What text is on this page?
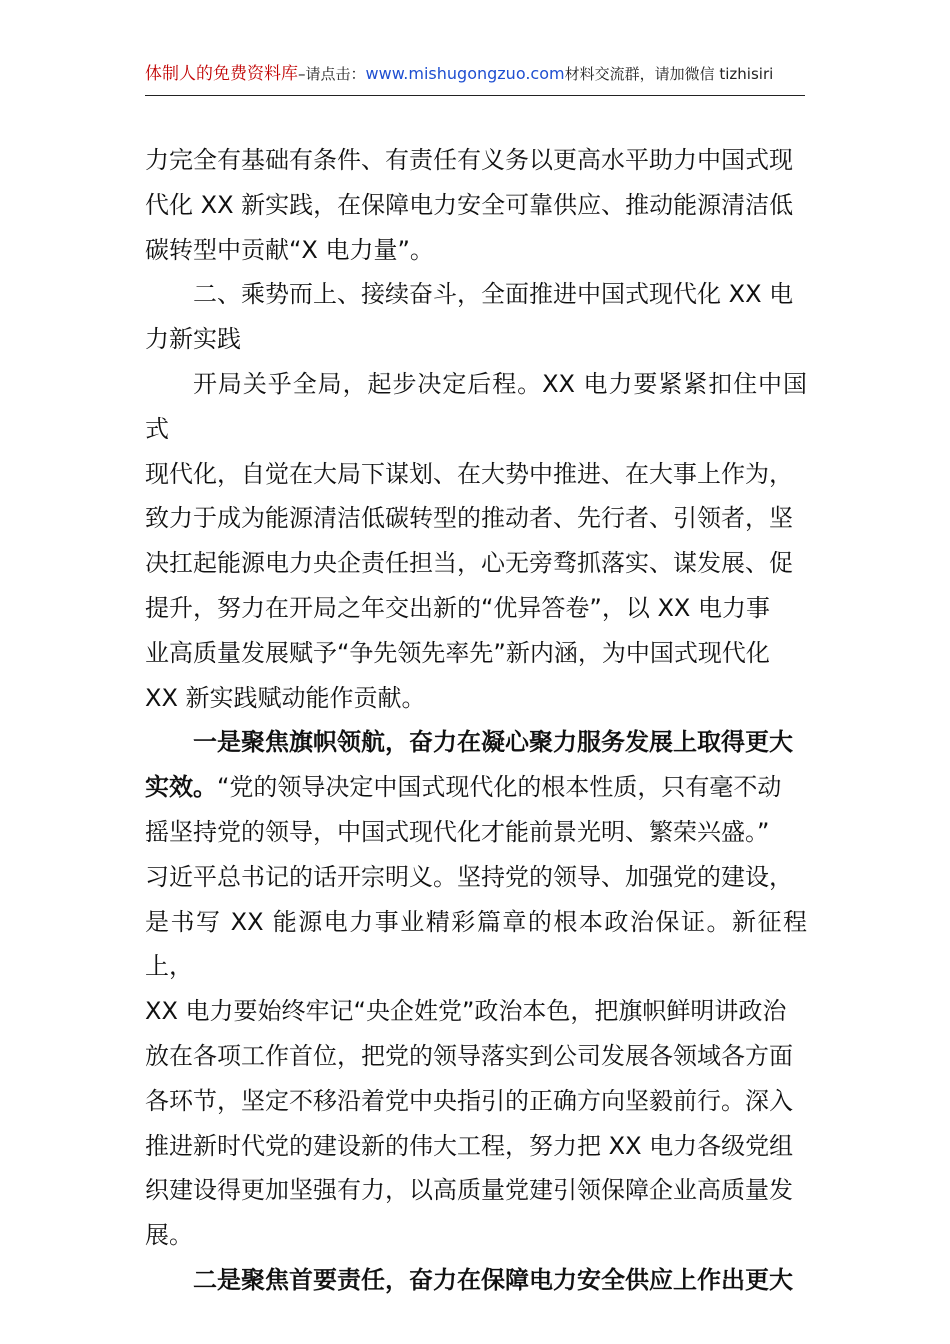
体制人的免费资料库–请点击：www.mishugongzuo.com材料交流群，请加微信 tizhisiri

力完全有基础有条件、有责任有义务以更高水平助力中国式现
代化 XX 新实践，在保障电力安全可靠供应、推动能源清洁低
碳转型中贡献“X 电力量”。

二、乘势而上、接续奋斗，全面推进中国式现代化 XX 电
力新实践

开局关乎全局，起步决定后程。XX 电力要紧紧扣住中国式
现代化，自觉在大局下谋划、在大势中推进、在大事上作为，
致力于成为能源清洁低碳转型的推动者、先行者、引领者，坚
决扛起能源电力央企责任担当，心无旁骛抓落实、谋发展、促
提升，努力在开局之年交出新的“优异答卷”，以 XX 电力事
业高质量发展赋予“争先领先率先”新内涵，为中国式现代化
XX 新实践赋动能作贡献。

一是聚焦旗帜领航，奋力在凝心聚力服务发展上取得更大
实效。“党的领导决定中国式现代化的根本性质，只有毫不动
摇坚持党的领导，中国式现代化才能前景光明、繁荣兴盛。”
习近平总书记的话开宗明义。坚持党的领导、加强党的建设，
是书写 XX 能源电力事业精彩篇章的根本政治保证。新征程上，
XX 电力要始终牢记“央企姓党”政治本色，把旗帜鲜明讲政治
放在各项工作首位，把党的领导落实到公司发展各领域各方面
各环节，坚定不移沿着党中央指引的正确方向坚毅前行。深入
推进新时代党的建设新的伟大工程，努力把 XX 电力各级党组
织建设得更加坚强有力，以高质量党建引领保障企业高质量发
展。

二是聚焦首要责任，奋力在保障电力安全供应上作出更大
